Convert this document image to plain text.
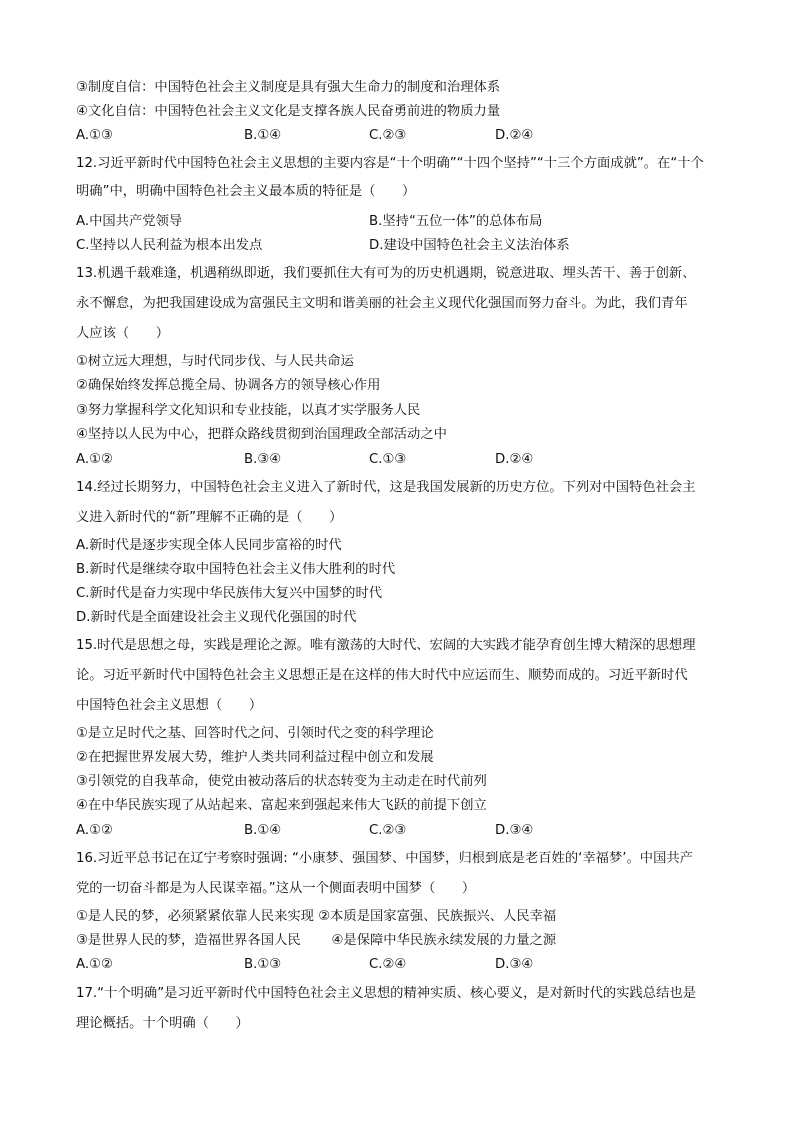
③制度自信：中国特色社会主义制度是具有强大生命力的制度和治理体系
④文化自信：中国特色社会主义文化是支撑各族人民奋勇前进的物质力量
A.①③	B.①④	C.②③	D.②④
12.习近平新时代中国特色社会主义思想的主要内容是“十个明确”“十四个坚持”“十三个方面成就”。在“十个
明确”中，明确中国特色社会主义最本质的特征是（　　）
A.中国共产党领导	B.坚持“五位一体”的总体布局
C.坚持以人民利益为根本出发点	D.建设中国特色社会主义法治体系
13.机遇千载难逢，机遇稍纵即逝，我们要抓住大有可为的历史机遇期，锐意进取、埋头苦干、善于创新、
永不懈怠，为把我国建设成为富强民主文明和谐美丽的社会主义现代化强国而努力奋斗。为此，我们青年
人应该（　　）
①树立远大理想，与时代同步伐、与人民共命运
②确保始终发挥总揽全局、协调各方的领导核心作用
③努力掌握科学文化知识和专业技能，以真才实学服务人民
④坚持以人民为中心，把群众路线贯彻到治国理政全部活动之中
A.①②	B.③④	C.①③	D.②④
14.经过长期努力，中国特色社会主义进入了新时代，这是我国发展新的历史方位。下列对中国特色社会主
义进入新时代的“新”理解不正确的是（　　）
A.新时代是逐步实现全体人民同步富裕的时代
B.新时代是继续夺取中国特色社会主义伟大胜利的时代
C.新时代是奋力实现中华民族伟大复兴中国梦的时代
D.新时代是全面建设社会主义现代化强国的时代
15.时代是思想之母，实践是理论之源。唯有激荡的大时代、宏阔的大实践才能孕育创生博大精深的思想理
论。习近平新时代中国特色社会主义思想正是在这样的伟大时代中应运而生、顺势而成的。习近平新时代
中国特色社会主义思想（　　）
①是立足时代之基、回答时代之问、引领时代之变的科学理论
②在把握世界发展大势，维护人类共同利益过程中创立和发展
③引领党的自我革命，使党由被动落后的状态转变为主动走在时代前列
④在中华民族实现了从站起来、富起来到强起来伟大飞跃的前提下创立
A.①②	B.①④	C.②③	D.③④
16.习近平总书记在辽宁考察时强调: “小康梦、强国梦、中国梦，归根到底是老百姓的‘幸福梦’。中国共产
党的一切奋斗都是为人民谋幸福。”这从一个侧面表明中国梦（　　）
①是人民的梦，必须紧紧依靠人民来实现 ②本质是国家富强、民族振兴、人民幸福
③是世界人民的梦，造福世界各国人民　　 ④是保障中华民族永续发展的力量之源
A.①②	B.①③	C.②④	D.③④
17.“十个明确”是习近平新时代中国特色社会主义思想的精神实质、核心要义，是对新时代的实践总结也是
理论概括。十个明确（　　）
